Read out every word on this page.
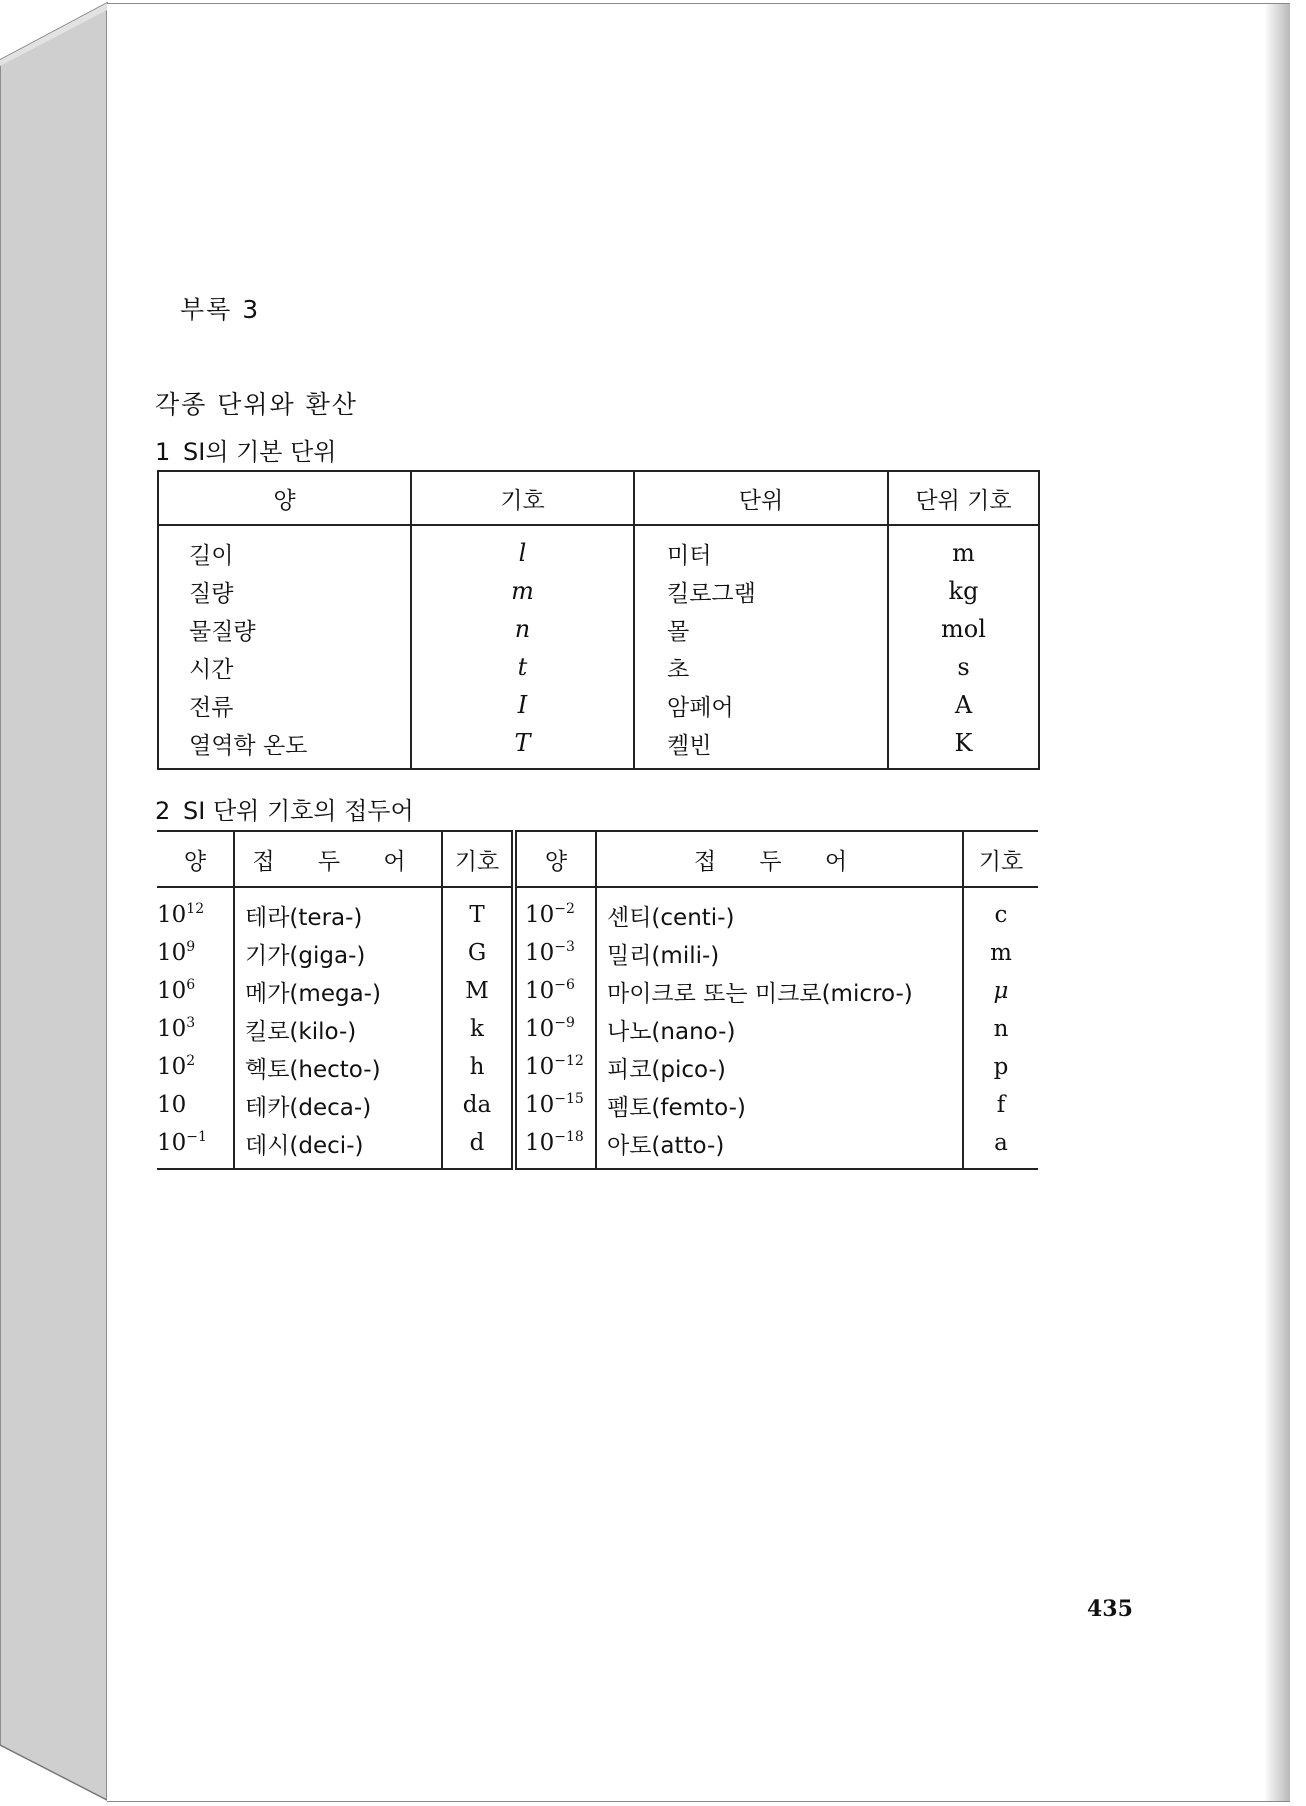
부록 3
각종 단위와 환산
1 SI의 기본 단위
양	기호	단위	단위 기호
길이	l	미터	m
질량	m	킬로그램	kg
물질량	n	몰	mol
시간	t	초	s
전류	I	암페어	A
열역학 온도	T	켈빈	K
2 SI 단위 기호의 접두어
양	접 두 어	기호	양	접 두 어	기호
$10^{12}$	테라(tera-)	T	$10^{-2}$	센티(centi-)	c
$10^9$	기가(giga-)	G	$10^{-3}$	밀리(mili-)	m
$10^6$	메가(mega-)	M	$10^{-6}$	마이크로 또는 미크로(micro-)	μ
$10^3$	킬로(kilo-)	k	$10^{-9}$	나노(nano-)	n
$10^2$	헥토(hecto-)	h	$10^{-12}$	피코(pico-)	p
10	테카(deca-)	da	$10^{-15}$	펨토(femto-)	f
$10^{-1}$	데시(deci-)	d	$10^{-18}$	아토(atto-)	a
435
